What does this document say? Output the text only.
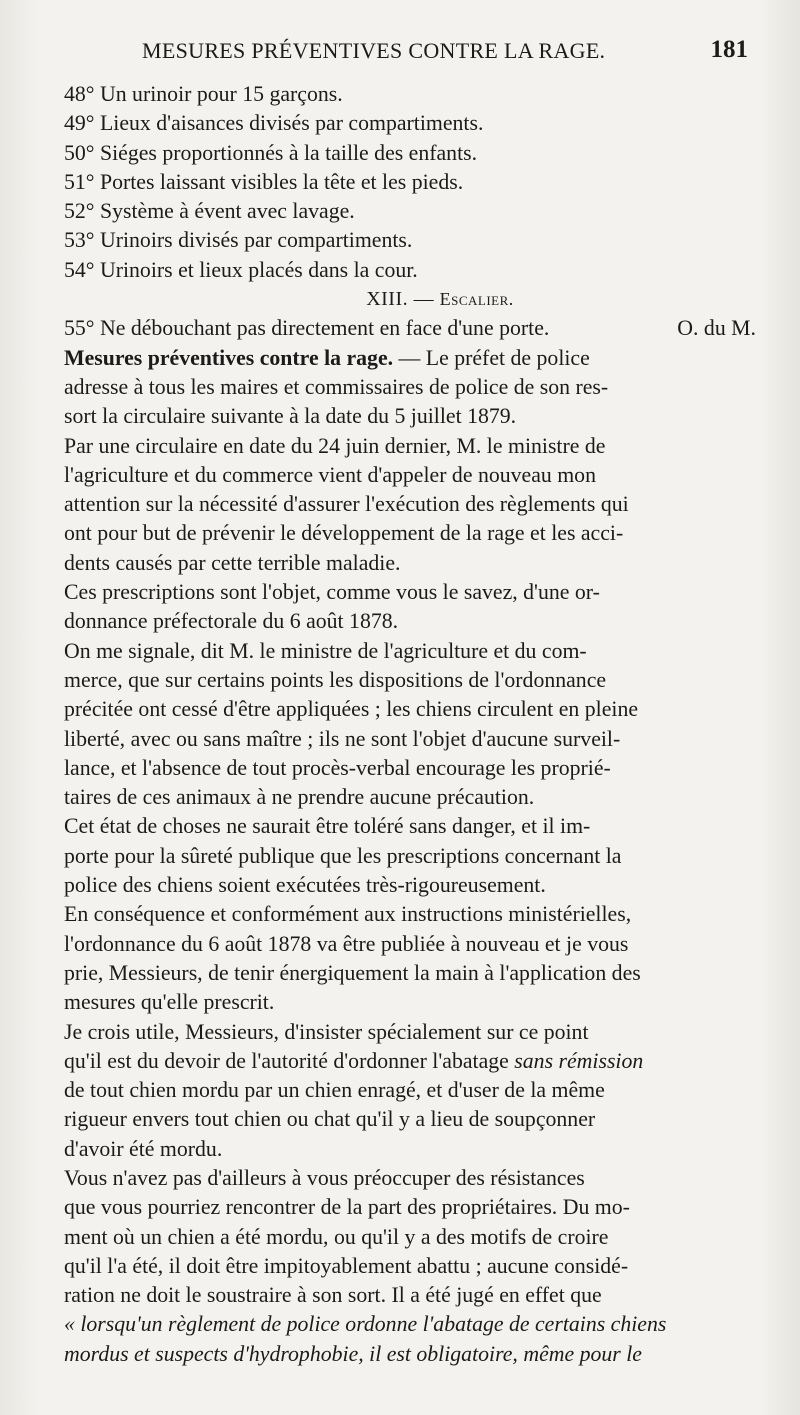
MESURES PRÉVENTIVES CONTRE LA RAGE.	181
48° Un urinoir pour 15 garçons.
49° Lieux d'aisances divisés par compartiments.
50° Siéges proportionnés à la taille des enfants.
51° Portes laissant visibles la tête et les pieds.
52° Système à évent avec lavage.
53° Urinoirs divisés par compartiments.
54° Urinoirs et lieux placés dans la cour.
XIII. — Escalier.
55° Ne débouchant pas directement en face d'une porte.	O. du M.
Mesures préventives contre la rage. — Le préfet de police
adresse à tous les maires et commissaires de police de son res-
sort la circulaire suivante à la date du 5 juillet 1879.
Par une circulaire en date du 24 juin dernier, M. le ministre de
l'agriculture et du commerce vient d'appeler de nouveau mon
attention sur la nécessité d'assurer l'exécution des règlements qui
ont pour but de prévenir le développement de la rage et les acci-
dents causés par cette terrible maladie.
Ces prescriptions sont l'objet, comme vous le savez, d'une or-
donnance préfectorale du 6 août 1878.
On me signale, dit M. le ministre de l'agriculture et du com-
merce, que sur certains points les dispositions de l'ordonnance
précitée ont cessé d'être appliquées ; les chiens circulent en pleine
liberté, avec ou sans maître ; ils ne sont l'objet d'aucune surveil-
lance, et l'absence de tout procès-verbal encourage les proprié-
taires de ces animaux à ne prendre aucune précaution.
Cet état de choses ne saurait être toléré sans danger, et il im-
porte pour la sûreté publique que les prescriptions concernant la
police des chiens soient exécutées très-rigoureusement.
En conséquence et conformément aux instructions ministérielles,
l'ordonnance du 6 août 1878 va être publiée à nouveau et je vous
prie, Messieurs, de tenir énergiquement la main à l'application des
mesures qu'elle prescrit.
Je crois utile, Messieurs, d'insister spécialement sur ce point
qu'il est du devoir de l'autorité d'ordonner l'abatage sans rémission
de tout chien mordu par un chien enragé, et d'user de la même
rigueur envers tout chien ou chat qu'il y a lieu de soupçonner
d'avoir été mordu.
Vous n'avez pas d'ailleurs à vous préoccuper des résistances
que vous pourriez rencontrer de la part des propriétaires. Du mo-
ment où un chien a été mordu, ou qu'il y a des motifs de croire
qu'il l'a été, il doit être impitoyablement abattu ; aucune considé-
ration ne doit le soustraire à son sort. Il a été jugé en effet que
« lorsqu'un règlement de police ordonne l'abatage de certains chiens
mordus et suspects d'hydrophobie, il est obligatoire, même pour le
